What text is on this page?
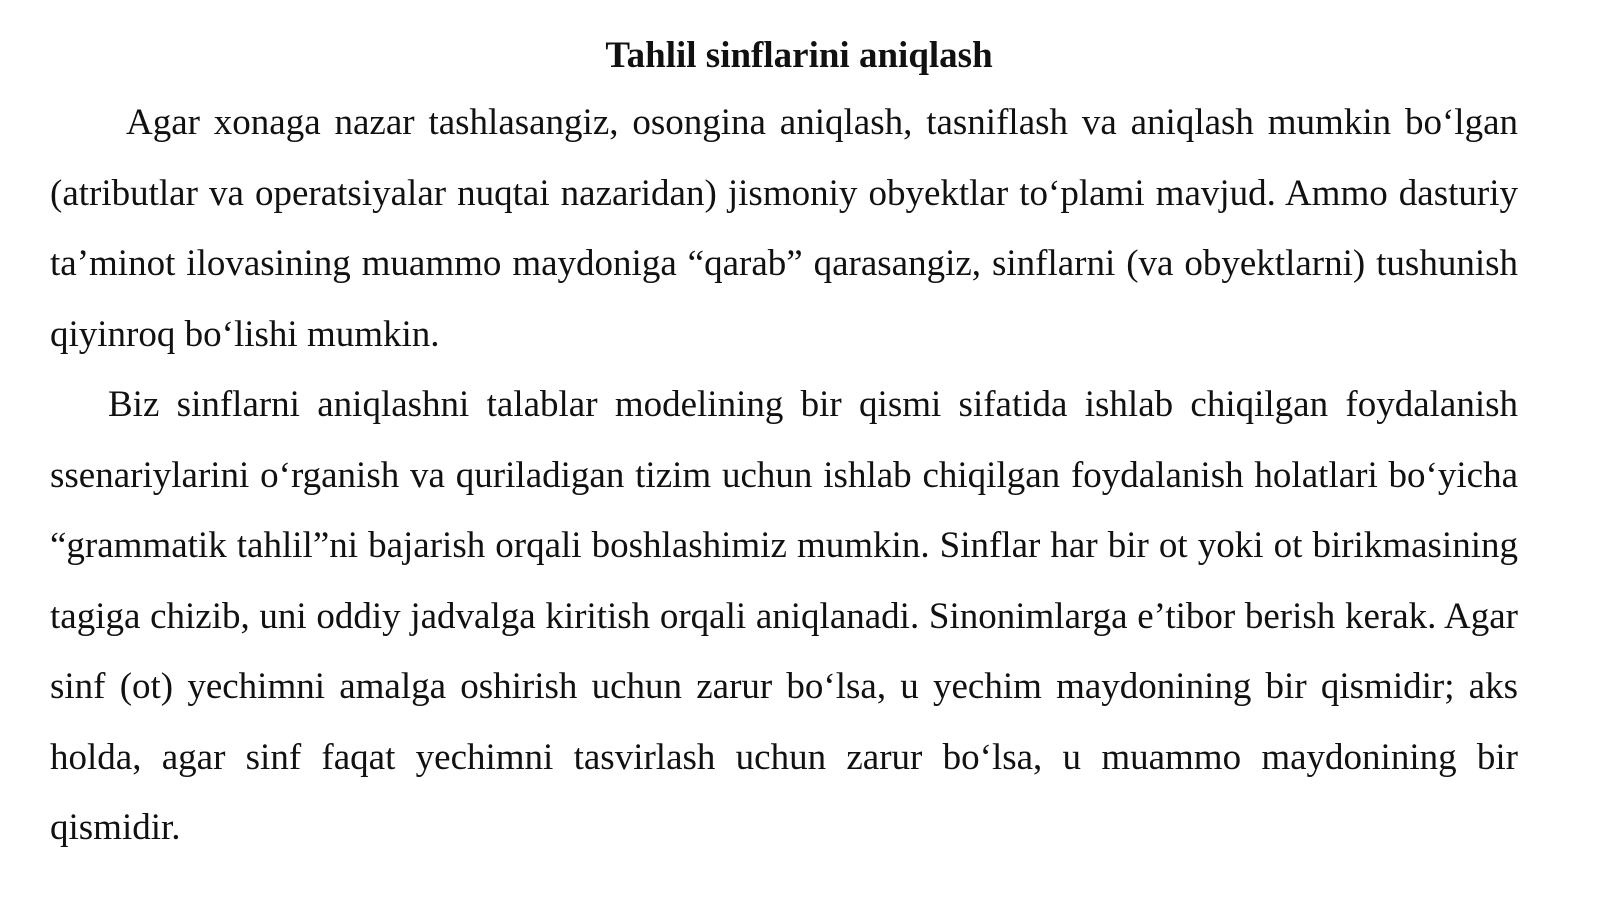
Tahlil sinflarini aniqlash

Agar xonaga nazar tashlasangiz, osongina aniqlash, tasniflash va aniqlash mumkin bo‘lgan (atributlar va operatsiyalar nuqtai nazaridan) jismoniy obyektlar to‘plami mavjud. Ammo dasturiy ta’minot ilovasining muammo maydoniga “qarab” qarasangiz, sinflarni (va obyektlarni) tushunish qiyinroq bo‘lishi mumkin.

Biz sinflarni aniqlashni talablar modelining bir qismi sifatida ishlab chiqilgan foydalanish ssenariylarini o‘rganish va quriladigan tizim uchun ishlab chiqilgan foydalanish holatlari bo‘yicha “grammatik tahlil”ni bajarish orqali boshlashimiz mumkin. Sinflar har bir ot yoki ot birikmasining tagiga chizib, uni oddiy jadvalga kiritish orqali aniqlanadi. Sinonimlarga e’tibor berish kerak. Agar sinf (ot) yechimni amalga oshirish uchun zarur bo‘lsa, u yechim maydonining bir qismidir; aks holda, agar sinf faqat yechimni tasvirlash uchun zarur bo‘lsa, u muammo maydonining bir qismidir.
